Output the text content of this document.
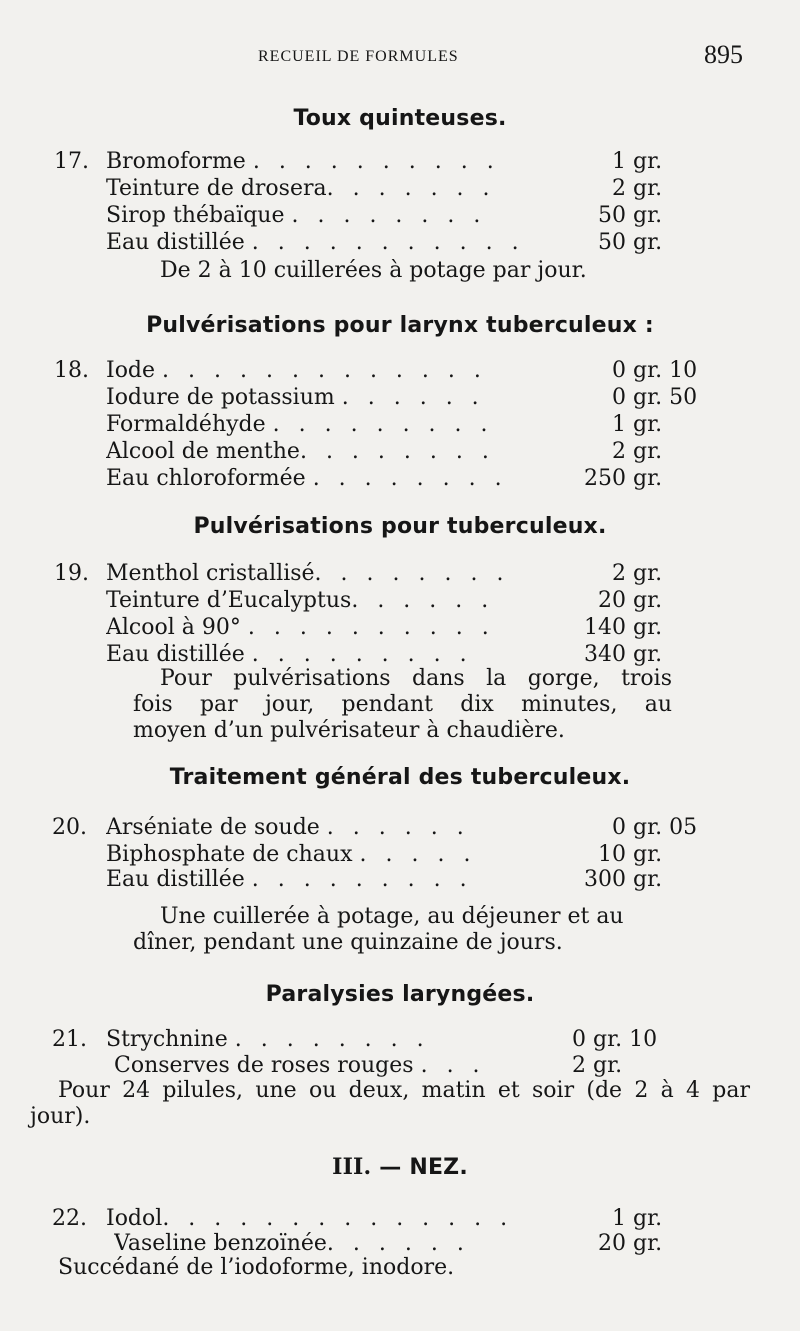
RECUEIL DE FORMULES	895
Toux quinteuses.
17. Bromoforme . . . . . . . . . .	1 gr.
Teinture de drosera. . . . . . .	2 gr.
Sirop thébaïque . . . . . . . .	50 gr.
Eau distillée . . . . . . . . . . .	50 gr.
De 2 à 10 cuillerées à potage par jour.
Pulvérisations pour larynx tuberculeux :
18. Iode . . . . . . . . . . . . .	0 gr. 10
Iodure de potassium . . . . . .	0 gr. 50
Formaldéhyde . . . . . . . . .	1 gr.
Alcool de menthe. . . . . . . .	2 gr.
Eau chloroformée . . . . . . . .	250 gr.
Pulvérisations pour tuberculeux.
19. Menthol cristallisé. . . . . . . .	2 gr.
Teinture d’Eucalyptus. . . . . .	20 gr.
Alcool à 90° . . . . . . . . . .	140 gr.
Eau distillée . . . . . . . . .	340 gr.
Pour pulvérisations dans la gorge, trois
fois par jour, pendant dix minutes, au
moyen d’un pulvérisateur à chaudière.
Traitement général des tuberculeux.
20. Arséniate de soude . . . . . .	0 gr. 05
Biphosphate de chaux . . . . .	10 gr.
Eau distillée . . . . . . . . .	300 gr.
Une cuillerée à potage, au déjeuner et au
dîner, pendant une quinzaine de jours.
Paralysies laryngées.
21. Strychnine . . . . . . . .	0 gr. 10
Conserves de roses rouges . . .	2 gr.
Pour 24 pilules, une ou deux, matin et soir (de 2 à 4 par
jour).
III. — NEZ.
22. Iodol. . . . . . . . . . . . . .	1 gr.
Vaseline benzoïnée. . . . . .	20 gr.
Succédané de l’iodoforme, inodore.
